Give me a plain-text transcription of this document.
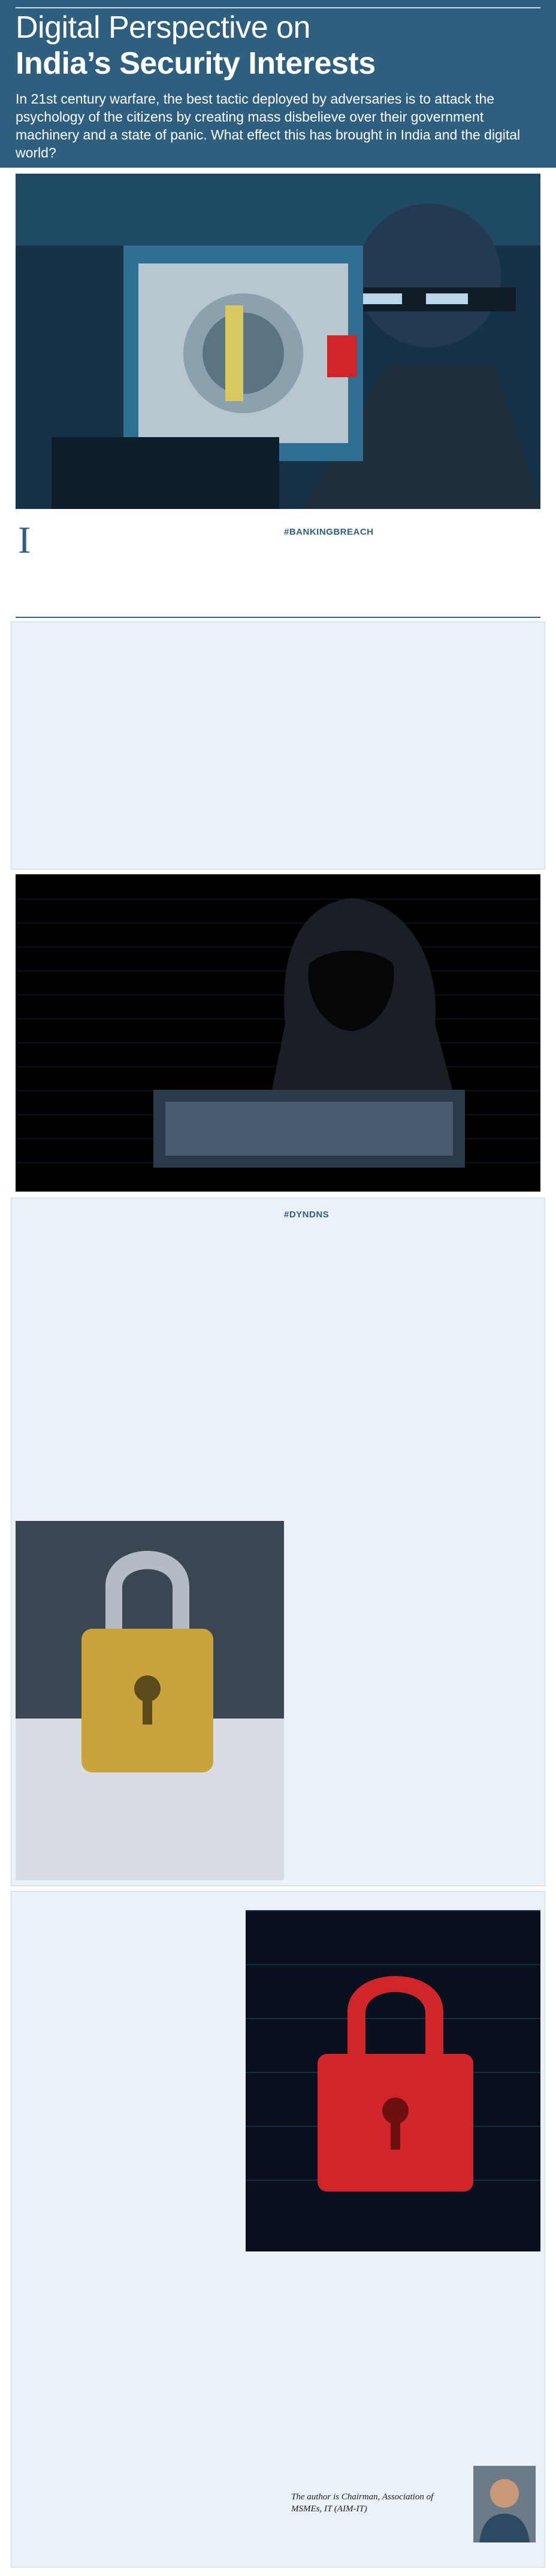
Digital Perspective on
India’s Security Interests

In 21st century warfare, the best tactic deployed by adversaries is to attack the psychology of the citizens by creating mass disbelieve over their government machinery and a state of panic. What effect this has brought in India and the digital world?

I	#BANKINGBREACH

#DYNDNS

The author is Chairman, Association of MSMEs, IT (AIM-IT)
